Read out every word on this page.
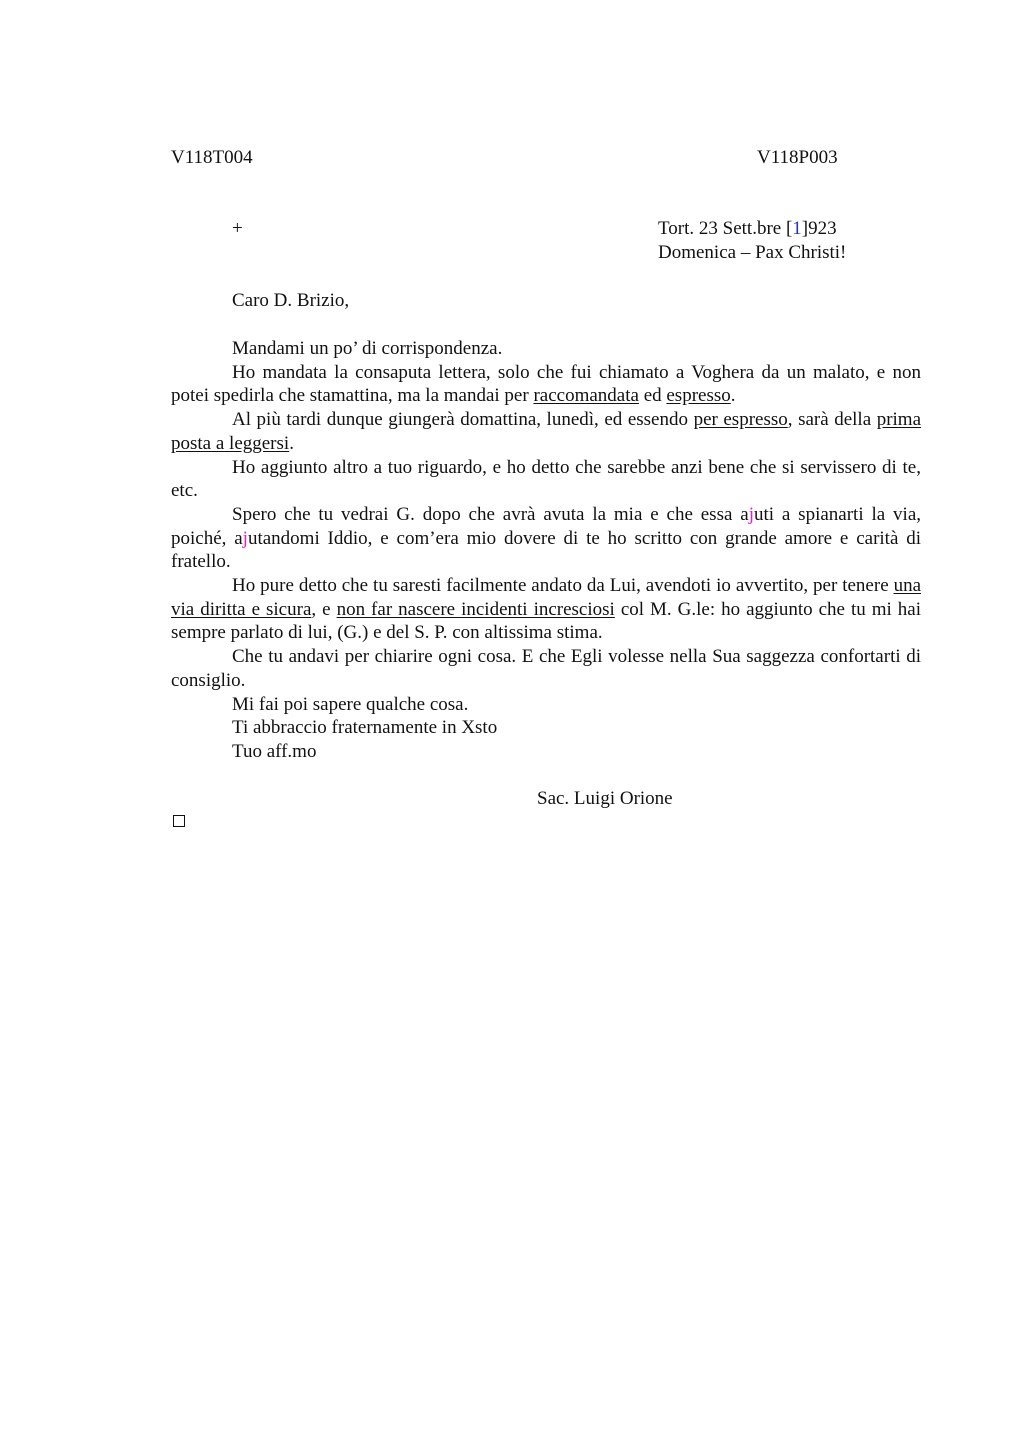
V118T004	V118P003
+	Tort. 23 Sett.bre [1]923
Domenica – Pax Christi!
Caro D. Brizio,

Mandami un po’ di corrispondenza.

Ho mandata la consaputa lettera, solo che fui chiamato a Voghera da un malato, e non potei spedirla che stamattina, ma la mandai per raccomandata ed espresso.

Al più tardi dunque giungerà domattina, lunedì, ed essendo per espresso, sarà della prima posta a leggersi.

Ho aggiunto altro a tuo riguardo, e ho detto che sarebbe anzi bene che si servissero di te, etc.

Spero che tu vedrai G. dopo che avrà avuta la mia e che essa ajuti a spianarti la via, poiché, ajutandomi Iddio, e com’era mio dovere di te ho scritto con grande amore e carità di fratello.

Ho pure detto che tu saresti facilmente andato da Lui, avendoti io avvertito, per tenere una via diritta e sicura, e non far nascere incidenti incresciosi col M. G.le: ho aggiunto che tu mi hai sempre parlato di lui, (G.) e del S. P. con altissima stima.

Che tu andavi per chiarire ogni cosa. E che Egli volesse nella Sua saggezza confortarti di consiglio.

Mi fai poi sapere qualche cosa.

Ti abbraccio fraternamente in Xsto

Tuo aff.mo

Sac. Luigi Orione
